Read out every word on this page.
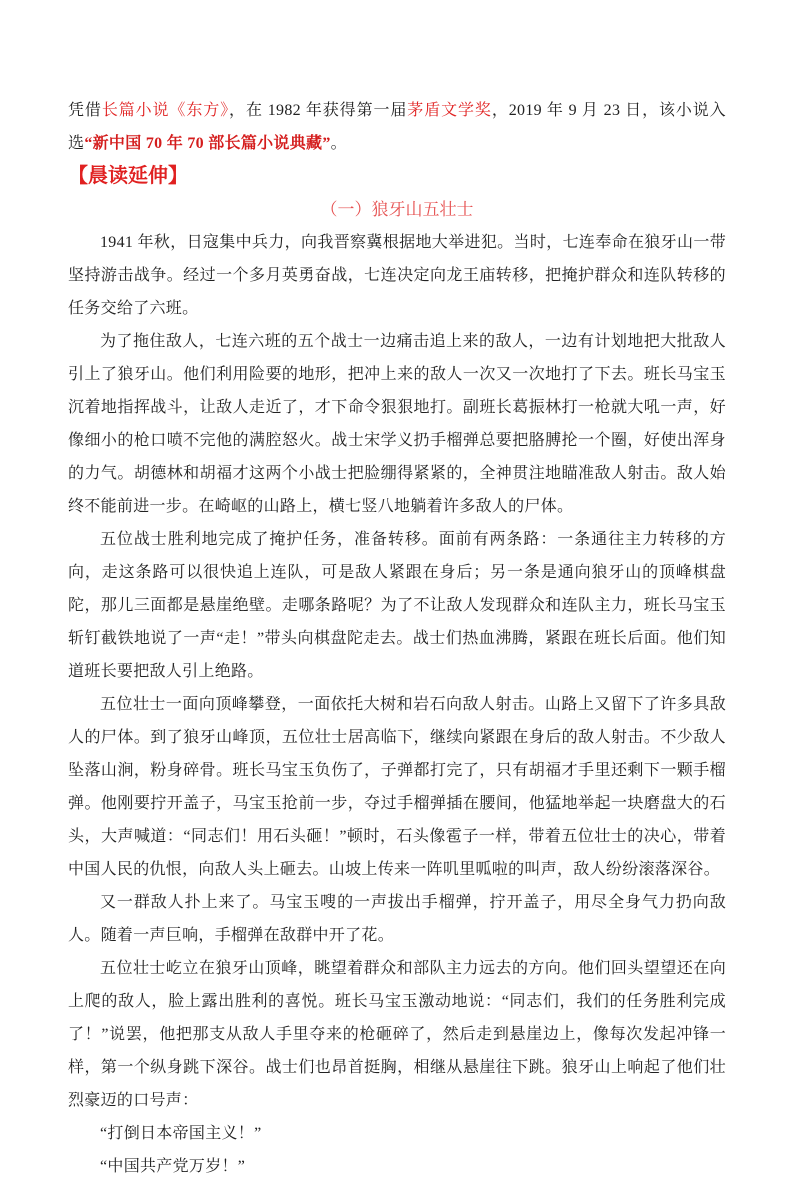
凭借长篇小说《东方》，在 1982 年获得第一届茅盾文学奖，2019 年 9 月 23 日，该小说入选“新中国 70 年 70 部长篇小说典藏”。

【晨读延伸】

（一）狼牙山五壮士

1941 年秋，日寇集中兵力，向我晋察冀根据地大举进犯。当时，七连奉命在狼牙山一带坚持游击战争。经过一个多月英勇奋战，七连决定向龙王庙转移，把掩护群众和连队转移的任务交给了六班。

为了拖住敌人，七连六班的五个战士一边痛击追上来的敌人，一边有计划地把大批敌人引上了狼牙山。他们利用险要的地形，把冲上来的敌人一次又一次地打了下去。班长马宝玉沉着地指挥战斗，让敌人走近了，才下命令狠狠地打。副班长葛振林打一枪就大吼一声，好像细小的枪口喷不完他的满腔怒火。战士宋学义扔手榴弹总要把胳膊抡一个圈，好使出浑身的力气。胡德林和胡福才这两个小战士把脸绷得紧紧的，全神贯注地瞄准敌人射击。敌人始终不能前进一步。在崎岖的山路上，横七竖八地躺着许多敌人的尸体。

五位战士胜利地完成了掩护任务，准备转移。面前有两条路：一条通往主力转移的方向，走这条路可以很快追上连队，可是敌人紧跟在身后；另一条是通向狼牙山的顶峰棋盘陀，那儿三面都是悬崖绝壁。走哪条路呢？为了不让敌人发现群众和连队主力，班长马宝玉斩钉截铁地说了一声“走！”带头向棋盘陀走去。战士们热血沸腾，紧跟在班长后面。他们知道班长要把敌人引上绝路。

五位壮士一面向顶峰攀登，一面依托大树和岩石向敌人射击。山路上又留下了许多具敌人的尸体。到了狼牙山峰顶，五位壮士居高临下，继续向紧跟在身后的敌人射击。不少敌人坠落山涧，粉身碎骨。班长马宝玉负伤了，子弹都打完了，只有胡福才手里还剩下一颗手榴弹。他刚要拧开盖子，马宝玉抢前一步，夺过手榴弹插在腰间，他猛地举起一块磨盘大的石头，大声喊道：“同志们！用石头砸！”顿时，石头像雹子一样，带着五位壮士的决心，带着中国人民的仇恨，向敌人头上砸去。山坡上传来一阵叽里呱啦的叫声，敌人纷纷滚落深谷。

又一群敌人扑上来了。马宝玉嗖的一声拔出手榴弹，拧开盖子，用尽全身气力扔向敌人。随着一声巨响，手榴弹在敌群中开了花。

五位壮士屹立在狼牙山顶峰，眺望着群众和部队主力远去的方向。他们回头望望还在向上爬的敌人，脸上露出胜利的喜悦。班长马宝玉激动地说：“同志们，我们的任务胜利完成了！”说罢，他把那支从敌人手里夺来的枪砸碎了，然后走到悬崖边上，像每次发起冲锋一样，第一个纵身跳下深谷。战士们也昂首挺胸，相继从悬崖往下跳。狼牙山上响起了他们壮烈豪迈的口号声：

“打倒日本帝国主义！”

“中国共产党万岁！”
